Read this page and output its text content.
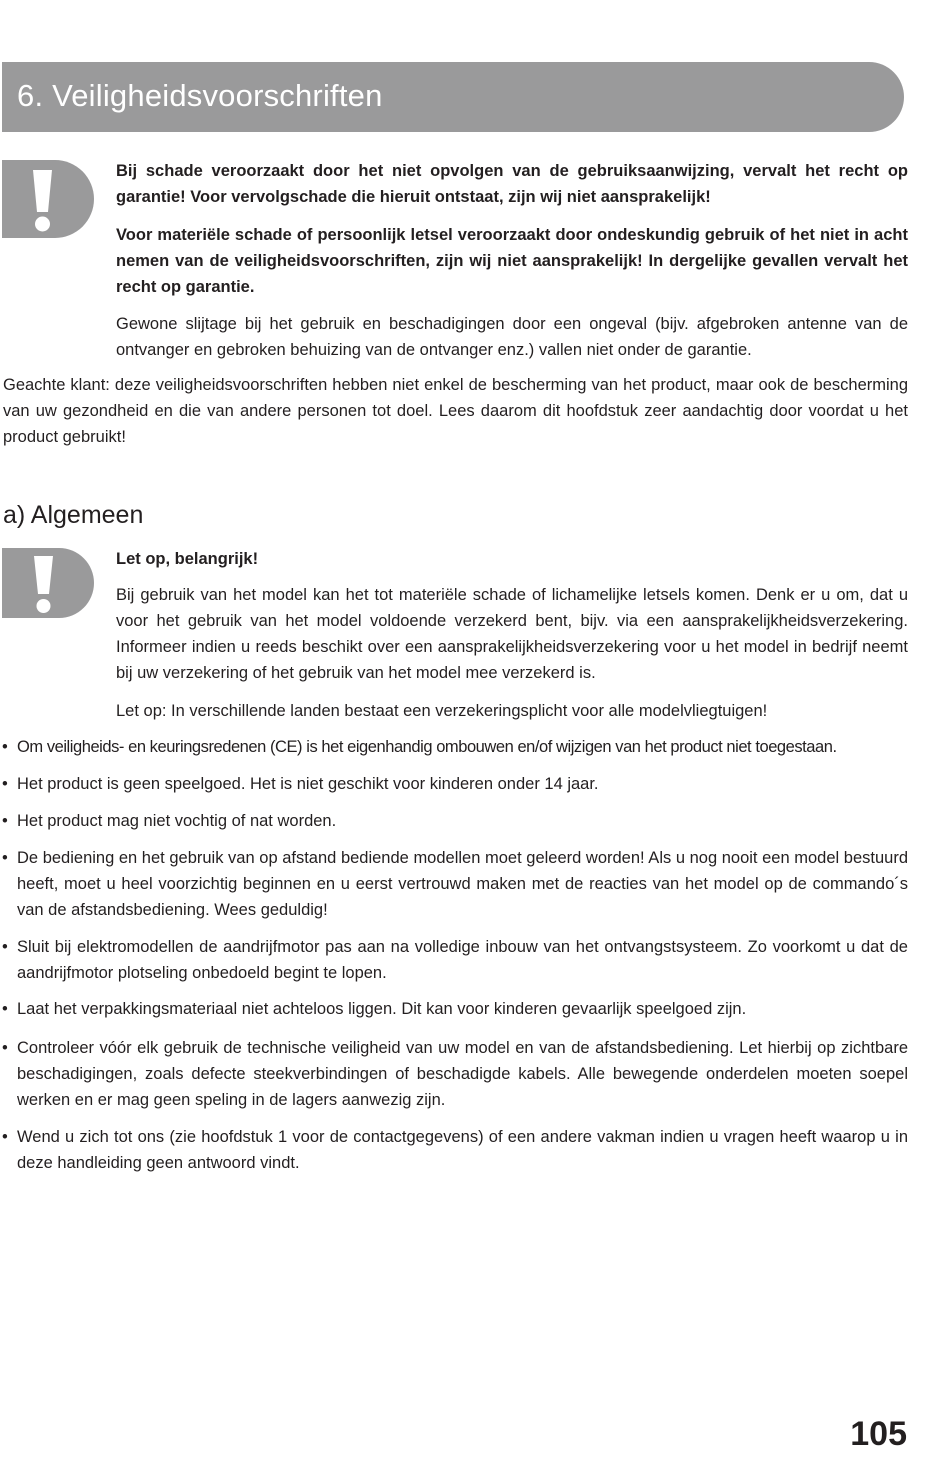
6. Veiligheidsvoorschriften

Bij schade veroorzaakt door het niet opvolgen van de gebruiksaanwijzing, vervalt het recht op garantie! Voor vervolgschade die hieruit ontstaat, zijn wij niet aansprakelijk!

Voor materiële schade of persoonlijk letsel veroorzaakt door ondeskundig gebruik of het niet in acht nemen van de veiligheidsvoorschriften, zijn wij niet aansprakelijk! In dergelijke gevallen vervalt het recht op garantie.

Gewone slijtage bij het gebruik en beschadigingen door een ongeval (bijv. afgebroken antenne van de ontvanger en gebroken behuizing van de ontvanger enz.) vallen niet onder de garantie.

Geachte klant: deze veiligheidsvoorschriften hebben niet enkel de bescherming van het product, maar ook de bescherming van uw gezondheid en die van andere personen tot doel. Lees daarom dit hoofdstuk zeer aandachtig door voordat u het product gebruikt!

a) Algemeen

Let op, belangrijk!

Bij gebruik van het model kan het tot materiële schade of lichamelijke letsels komen. Denk er u om, dat u voor het gebruik van het model voldoende verzekerd bent, bijv. via een aansprakelijkheidsverzekering. Informeer indien u reeds beschikt over een aansprakelijkheidsverzekering voor u het model in bedrijf neemt bij uw verzekering of het gebruik van het model mee verzekerd is.

Let op: In verschillende landen bestaat een verzekeringsplicht voor alle modelvliegtuigen!

• Om veiligheids- en keuringsredenen (CE) is het eigenhandig ombouwen en/of wijzigen van het product niet toegestaan.
• Het product is geen speelgoed. Het is niet geschikt voor kinderen onder 14 jaar.
• Het product mag niet vochtig of nat worden.
• De bediening en het gebruik van op afstand bediende modellen moet geleerd worden! Als u nog nooit een model bestuurd heeft, moet u heel voorzichtig beginnen en u eerst vertrouwd maken met de reacties van het model op de commando´s van de afstandsbediening. Wees geduldig!
• Sluit bij elektromodellen de aandrijfmotor pas aan na volledige inbouw van het ontvangstsysteem. Zo voorkomt u dat de aandrijfmotor plotseling onbedoeld begint te lopen.
• Laat het verpakkingsmateriaal niet achteloos liggen. Dit kan voor kinderen gevaarlijk speelgoed zijn.
• Controleer vóór elk gebruik de technische veiligheid van uw model en van de afstandsbediening. Let hierbij op zichtbare beschadigingen, zoals defecte steekverbindingen of beschadigde kabels. Alle bewegende onderdelen moeten soepel werken en er mag geen speling in de lagers aanwezig zijn.
• Wend u zich tot ons (zie hoofdstuk 1 voor de contactgegevens) of een andere vakman indien u vragen heeft waarop u in deze handleiding geen antwoord vindt.
105
